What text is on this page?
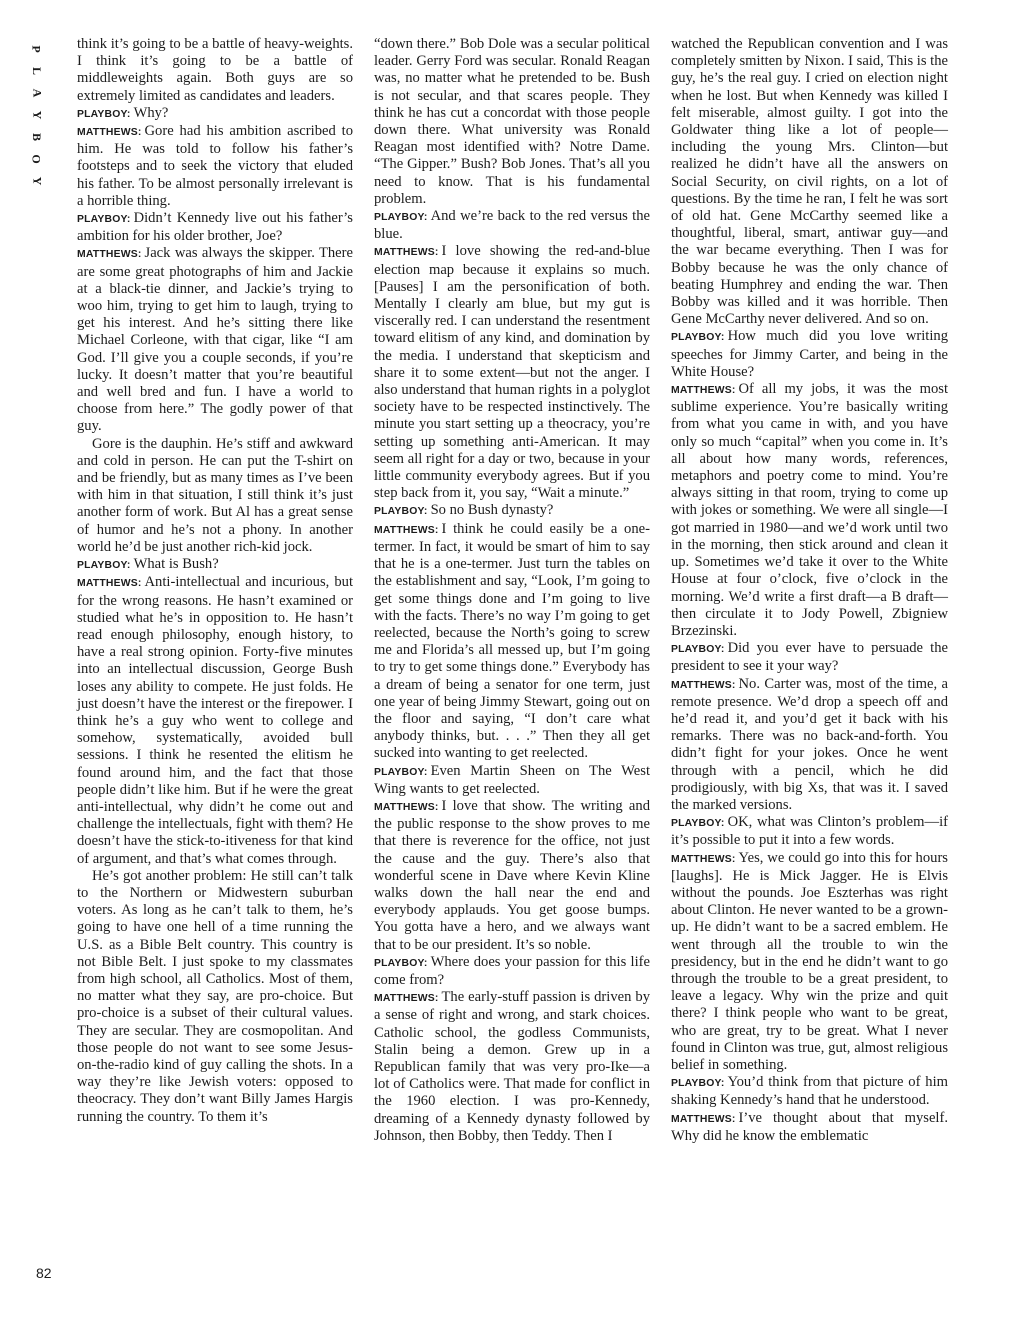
P
L
A
Y
B
O
Y
82

think it’s going to be a battle of heavy-weights. I think it’s going to be a battle of middleweights again. Both guys are so extremely limited as candidates and leaders.

PLAYBOY: Why?

MATTHEWS: Gore had his ambition ascribed to him. He was told to follow his father’s footsteps and to seek the victory that eluded his father. To be almost personally irrelevant is a horrible thing.

PLAYBOY: Didn’t Kennedy live out his father’s ambition for his older brother, Joe?

MATTHEWS: Jack was always the skipper. There are some great photographs of him and Jackie at a black-tie dinner, and Jackie’s trying to woo him, trying to get him to laugh, trying to get his interest. And he’s sitting there like Michael Corleone, with that cigar, like “I am God. I’ll give you a couple seconds, if you’re lucky. It doesn’t matter that you’re beautiful and well bred and fun. I have a world to choose from here.” The godly power of that guy.

Gore is the dauphin. He’s stiff and awkward and cold in person. He can put the T-shirt on and be friendly, but as many times as I’ve been with him in that situation, I still think it’s just another form of work. But Al has a great sense of humor and he’s not a phony. In another world he’d be just another rich-kid jock.

PLAYBOY: What is Bush?

MATTHEWS: Anti-intellectual and incurious, but for the wrong reasons. He hasn’t examined or studied what he’s in opposition to. He hasn’t read enough philosophy, enough history, to have a real strong opinion. Forty-five minutes into an intellectual discussion, George Bush loses any ability to compete. He just folds. He just doesn’t have the interest or the firepower. I think he’s a guy who went to college and somehow, systematically, avoided bull sessions. I think he resented the elitism he found around him, and the fact that those people didn’t like him. But if he were the great anti-intellectual, why didn’t he come out and challenge the intellectuals, fight with them? He doesn’t have the stick-to-itiveness for that kind of argument, and that’s what comes through.

He’s got another problem: He still can’t talk to the Northern or Midwestern suburban voters. As long as he can’t talk to them, he’s going to have one hell of a time running the U.S. as a Bible Belt country. This country is not Bible Belt. I just spoke to my classmates from high school, all Catholics. Most of them, no matter what they say, are pro-choice. But pro-choice is a subset of their cultural values. They are secular. They are cosmopolitan. And those people do not want to see some Jesus-on-the-radio kind of guy calling the shots. In a way they’re like Jewish voters: opposed to theocracy. They don’t want Billy James Hargis running the country. To them it’s

“down there.” Bob Dole was a secular political leader. Gerry Ford was secular. Ronald Reagan was, no matter what he pretended to be. Bush is not secular, and that scares people. They think he has cut a concordat with those people down there. What university was Ronald Reagan most identified with? Notre Dame. “The Gipper.” Bush? Bob Jones. That’s all you need to know. That is his fundamental problem.

PLAYBOY: And we’re back to the red versus the blue.

MATTHEWS: I love showing the red-and-blue election map because it explains so much. [Pauses] I am the personification of both. Mentally I clearly am blue, but my gut is viscerally red. I can understand the resentment toward elitism of any kind, and domination by the media. I understand that skepticism and share it to some extent—but not the anger. I also understand that human rights in a polyglot society have to be respected instinctively. The minute you start setting up a theocracy, you’re setting up something anti-American. It may seem all right for a day or two, because in your little community everybody agrees. But if you step back from it, you say, “Wait a minute.”

PLAYBOY: So no Bush dynasty?

MATTHEWS: I think he could easily be a one-termer. In fact, it would be smart of him to say that he is a one-termer. Just turn the tables on the establishment and say, “Look, I’m going to get some things done and I’m going to live with the facts. There’s no way I’m going to get reelected, because the North’s going to screw me and Florida’s all messed up, but I’m going to try to get some things done.” Everybody has a dream of being a senator for one term, just one year of being Jimmy Stewart, going out on the floor and saying, “I don’t care what anybody thinks, but. . . .” Then they all get sucked into wanting to get reelected.

PLAYBOY: Even Martin Sheen on The West Wing wants to get reelected.

MATTHEWS: I love that show. The writing and the public response to the show proves to me that there is reverence for the office, not just the cause and the guy. There’s also that wonderful scene in Dave where Kevin Kline walks down the hall near the end and everybody applauds. You get goose bumps. You gotta have a hero, and we always want that to be our president. It’s so noble.

PLAYBOY: Where does your passion for this life come from?

MATTHEWS: The early-stuff passion is driven by a sense of right and wrong, and stark choices. Catholic school, the godless Communists, Stalin being a demon. Grew up in a Republican family that was very pro-Ike—a lot of Catholics were. That made for conflict in the 1960 election. I was pro-Kennedy, dreaming of a Kennedy dynasty followed by Johnson, then Bobby, then Teddy. Then I

watched the Republican convention and I was completely smitten by Nixon. I said, This is the guy, he’s the real guy. I cried on election night when he lost. But when Kennedy was killed I felt miserable, almost guilty. I got into the Goldwater thing like a lot of people—including the young Mrs. Clinton—but realized he didn’t have all the answers on Social Security, on civil rights, on a lot of questions. By the time he ran, I felt he was sort of old hat. Gene McCarthy seemed like a thoughtful, liberal, smart, antiwar guy—and the war became everything. Then I was for Bobby because he was the only chance of beating Humphrey and ending the war. Then Bobby was killed and it was horrible. Then Gene McCarthy never delivered. And so on.

PLAYBOY: How much did you love writing speeches for Jimmy Carter, and being in the White House?

MATTHEWS: Of all my jobs, it was the most sublime experience. You’re basically writing from what you came in with, and you have only so much “capital” when you come in. It’s all about how many words, references, metaphors and poetry come to mind. You’re always sitting in that room, trying to come up with jokes or something. We were all single—I got married in 1980—and we’d work until two in the morning, then stick around and clean it up. Sometimes we’d take it over to the White House at four o’clock, five o’clock in the morning. We’d write a first draft—a B draft—then circulate it to Jody Powell, Zbigniew Brzezinski.

PLAYBOY: Did you ever have to persuade the president to see it your way?

MATTHEWS: No. Carter was, most of the time, a remote presence. We’d drop a speech off and he’d read it, and you’d get it back with his remarks. There was no back-and-forth. You didn’t fight for your jokes. Once he went through with a pencil, which he did prodigiously, with big Xs, that was it. I saved the marked versions.

PLAYBOY: OK, what was Clinton’s problem—if it’s possible to put it into a few words.

MATTHEWS: Yes, we could go into this for hours [laughs]. He is Mick Jagger. He is Elvis without the pounds. Joe Eszterhas was right about Clinton. He never wanted to be a grown-up. He didn’t want to be a sacred emblem. He went through all the trouble to win the presidency, but in the end he didn’t want to go through the trouble to be a great president, to leave a legacy. Why win the prize and quit there? I think people who want to be great, who are great, try to be great. What I never found in Clinton was true, gut, almost religious belief in something.

PLAYBOY: You’d think from that picture of him shaking Kennedy’s hand that he understood.

MATTHEWS: I’ve thought about that myself. Why did he know the emblematic
